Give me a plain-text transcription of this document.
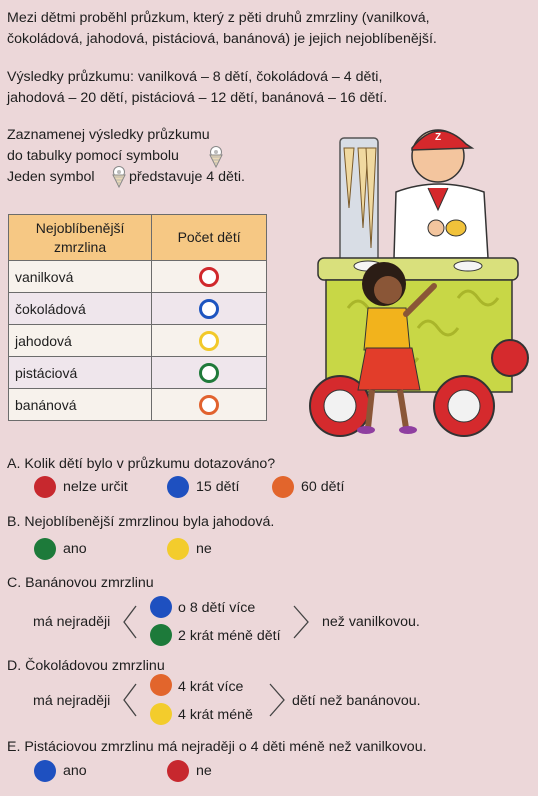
Mezi dětmi proběhl průzkum, který z pěti druhů zmrzliny (vanilková,
čokoládová, jahodová, pistáciová, banánová) je jejich nejoblíbenější.
Výsledky průzkumu: vanilková – 8 dětí, čokoládová – 4 děti,
jahodová – 20 dětí, pistáciová – 12 dětí, banánová – 16 dětí.
Zaznamenej výsledky průzkumu
do tabulky pomocí symbolu
Jeden symbol představuje 4 děti.
Nejoblíbenější
zmrzlina	Počet dětí
vanilková	
čokoládová	
jahodová	
pistáciová	
banánová	
Z
A. Kolik dětí bylo v průzkumu dotazováno?
nelze určit	15 dětí	60 dětí
B. Nejoblíbenější zmrzlinou byla jahodová.
ano	ne
C. Banánovou zmrzlinu
má nejraději
o 8 dětí více
2 krát méně dětí
než vanilkovou.
D. Čokoládovou zmrzlinu
má nejraději
4 krát více
4 krát méně
dětí než banánovou.
E. Pistáciovou zmrzlinu má nejraději o 4 děti méně než vanilkovou.
ano	ne
